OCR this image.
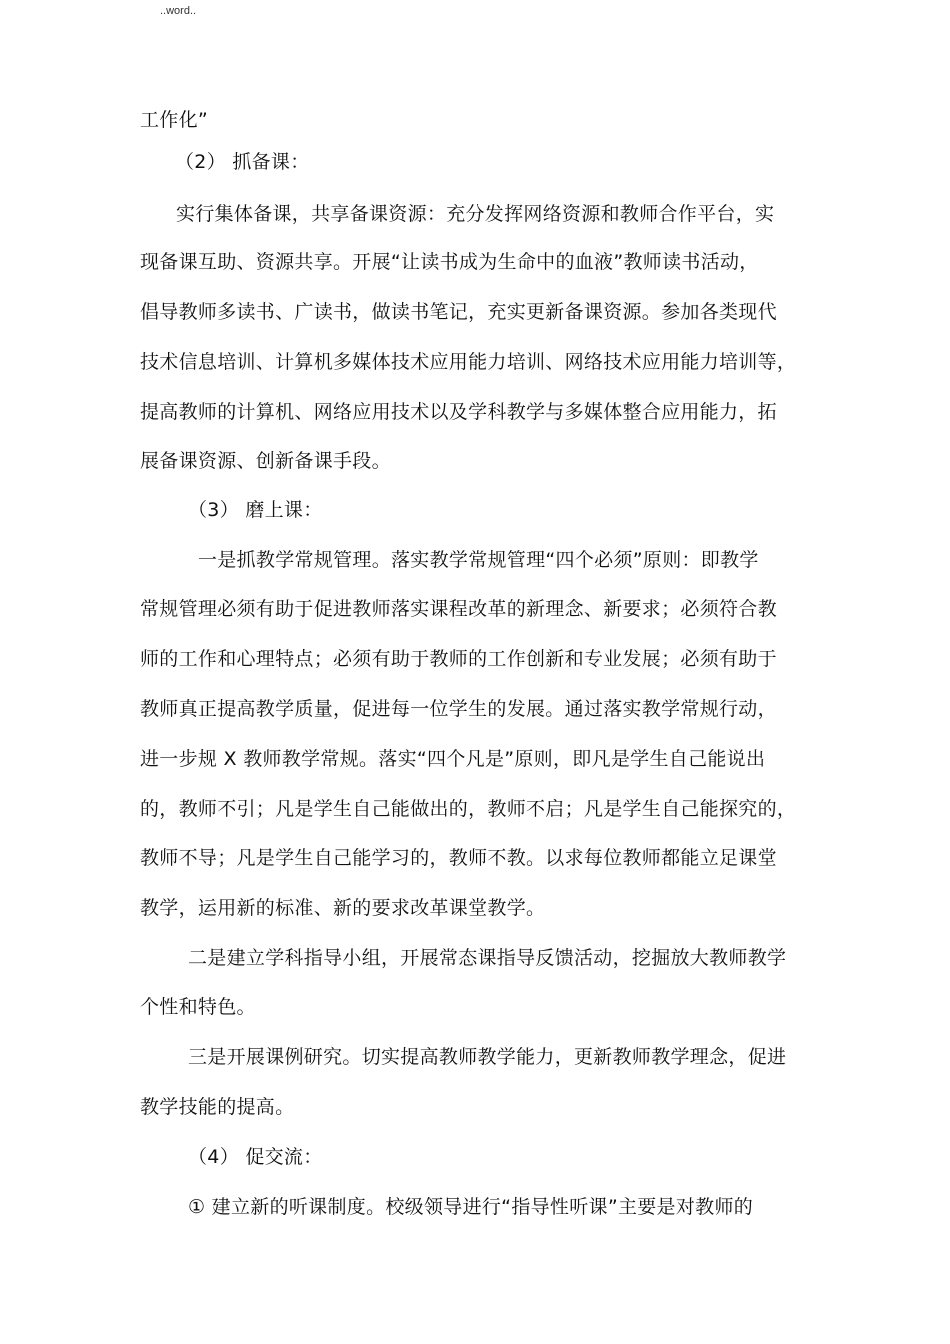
..word..
工作化”
（2） 抓备课：
实行集体备课，共享备课资源：充分发挥网络资源和教师合作平台，实
现备课互助、资源共享。开展“让读书成为生命中的血液”教师读书活动，
倡导教师多读书、广读书，做读书笔记，充实更新备课资源。参加各类现代
技术信息培训、计算机多媒体技术应用能力培训、网络技术应用能力培训等，
提高教师的计算机、网络应用技术以及学科教学与多媒体整合应用能力，拓
展备课资源、创新备课手段。
（3） 磨上课：
一是抓教学常规管理。落实教学常规管理“四个必须”原则：即教学
常规管理必须有助于促进教师落实课程改革的新理念、新要求；必须符合教
师的工作和心理特点；必须有助于教师的工作创新和专业发展；必须有助于
教师真正提高教学质量，促进每一位学生的发展。通过落实教学常规行动，
进一步规 X 教师教学常规。落实“四个凡是”原则，即凡是学生自己能说出
的，教师不引；凡是学生自己能做出的，教师不启；凡是学生自己能探究的，
教师不导；凡是学生自己能学习的，教师不教。以求每位教师都能立足课堂
教学，运用新的标准、新的要求改革课堂教学。
二是建立学科指导小组，开展常态课指导反馈活动，挖掘放大教师教学
个性和特色。
三是开展课例研究。切实提高教师教学能力，更新教师教学理念，促进
教学技能的提高。
（4） 促交流：
① 建立新的听课制度。校级领导进行“指导性听课”主要是对教师的
